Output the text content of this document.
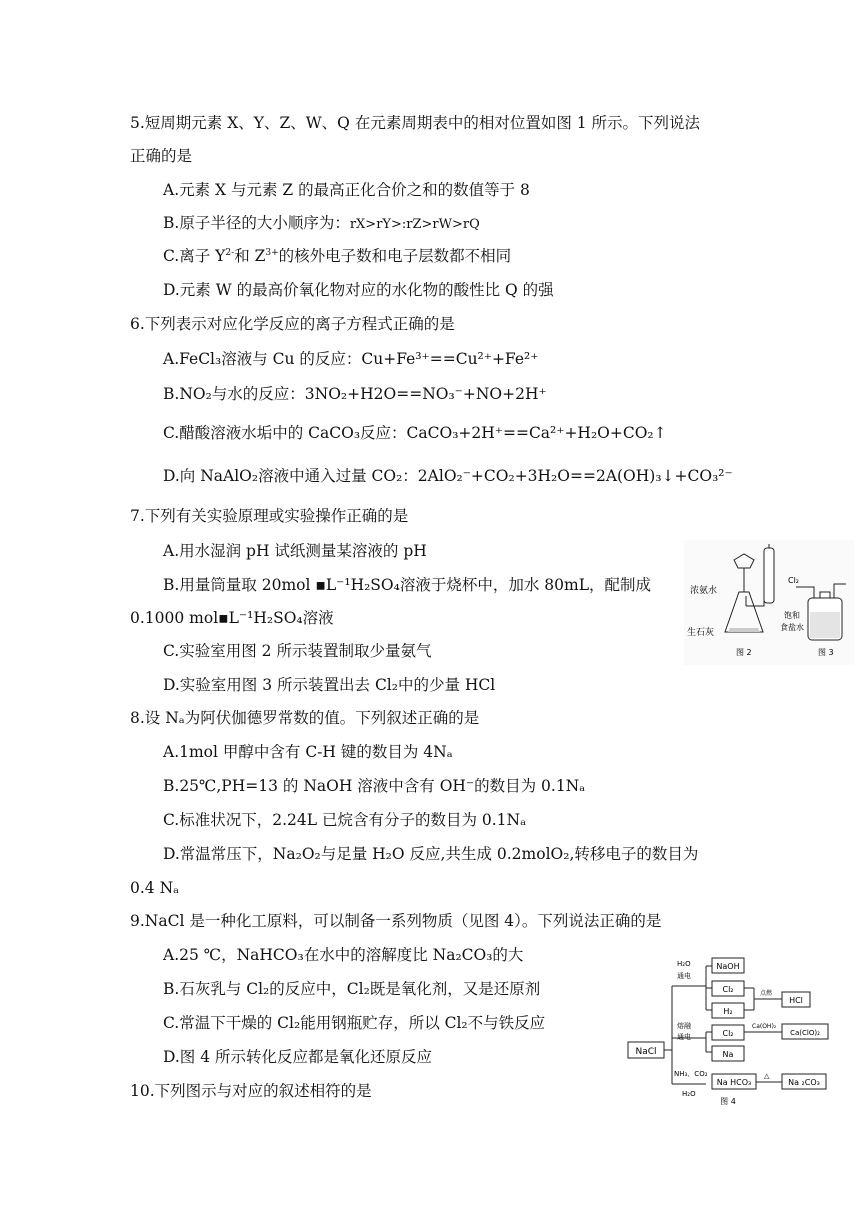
5.短周期元素 X、Y、Z、W、Q 在元素周期表中的相对位置如图 1 所示。下列说法
正确的是
A.元素 X 与元素 Z 的最高正化合价之和的数值等于 8
B.原子半径的大小顺序为：rX>rY>:rZ>rW>rQ
C.离子 $Y^{2-}$和 $Z^{3+}$的核外电子数和电子层数都不相同
D.元素 W 的最高价氧化物对应的水化物的酸性比 Q 的强
6.下列表示对应化学反应的离子方程式正确的是
A.FeCl₃溶液与 Cu 的反应：Cu+Fe³⁺==Cu²⁺+Fe²⁺
B.NO₂与水的反应：3NO₂+H2O==NO₃⁻+NO+2H⁺
C.醋酸溶液水垢中的 CaCO₃反应：CaCO₃+2H⁺==Ca²⁺+H₂O+CO₂↑
D.向 NaAlO₂溶液中通入过量 CO₂：2AlO₂⁻+CO₂+3H₂O==2A(OH)₃↓+CO₃²⁻
7.下列有关实验原理或实验操作正确的是
A.用水湿润 pH 试纸测量某溶液的 pH
B.用量筒量取 20mol ▪L⁻¹H₂SO₄溶液于烧杯中，加水 80mL，配制成
0.1000 mol▪L⁻¹H₂SO₄溶液
C.实验室用图 2 所示装置制取少量氨气
D.实验室用图 3 所示装置出去 Cl₂中的少量 HCl
8.设 Nₐ为阿伏伽德罗常数的值。下列叙述正确的是
A.1mol 甲醇中含有 C-H 键的数目为 4Nₐ
B.25℃,PH=13 的 NaOH 溶液中含有 OH⁻的数目为 0.1Nₐ
C.标准状况下，2.24L 已烷含有分子的数目为 0.1Nₐ
D.常温常压下，Na₂O₂与足量 H₂O 反应,共生成 0.2molO₂,转移电子的数目为
0.4 Nₐ
9.NaCl 是一种化工原料，可以制备一系列物质（见图 4）。下列说法正确的是
A.25 ℃，NaHCO₃在水中的溶解度比 Na₂CO₃的大
B.石灰乳与 Cl₂的反应中，Cl₂既是氧化剂，又是还原剂
C.常温下干燥的 Cl₂能用钢瓶贮存，所以 Cl₂不与铁反应
D.图 4 所示转化反应都是氧化还原反应
10.下列图示与对应的叙述相符的是
浓氨水
生石灰
图 2
Cl₂
饱和
食盐水
图 3
NaCl
H₂O
通电
熔融
通电
NH₃、CO₂
H₂O
NaOH
Cl₂
H₂
点燃
HCl
Cl₂
Ca(OH)₂
Ca(ClO)₂
Na
Na HCO₃
△
Na ₂CO₃
图 4
